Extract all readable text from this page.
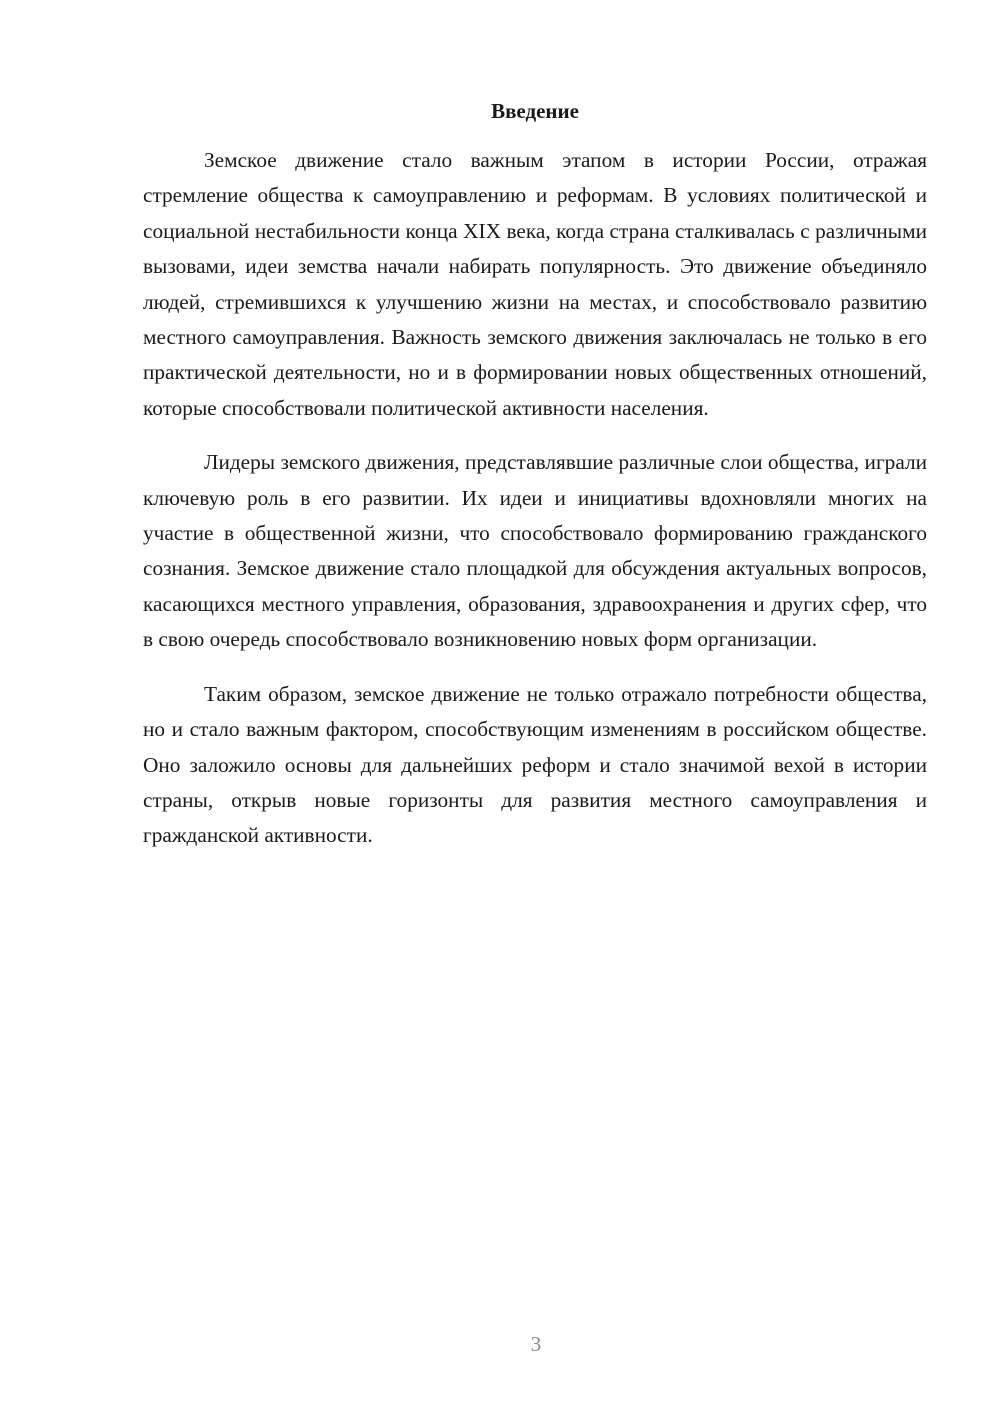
Введение

Земское движение стало важным этапом в истории России, отражая стремление общества к самоуправлению и реформам. В условиях политической и социальной нестабильности конца XIX века, когда страна сталкивалась с различными вызовами, идеи земства начали набирать популярность. Это движение объединяло людей, стремившихся к улучшению жизни на местах, и способствовало развитию местного самоуправления. Важность земского движения заключалась не только в его практической деятельности, но и в формировании новых общественных отношений, которые способствовали политической активности населения.

Лидеры земского движения, представлявшие различные слои общества, играли ключевую роль в его развитии. Их идеи и инициативы вдохновляли многих на участие в общественной жизни, что способствовало формированию гражданского сознания. Земское движение стало площадкой для обсуждения актуальных вопросов, касающихся местного управления, образования, здравоохранения и других сфер, что в свою очередь способствовало возникновению новых форм организации.

Таким образом, земское движение не только отражало потребности общества, но и стало важным фактором, способствующим изменениям в российском обществе. Оно заложило основы для дальнейших реформ и стало значимой вехой в истории страны, открыв новые горизонты для развития местного самоуправления и гражданской активности.

3
